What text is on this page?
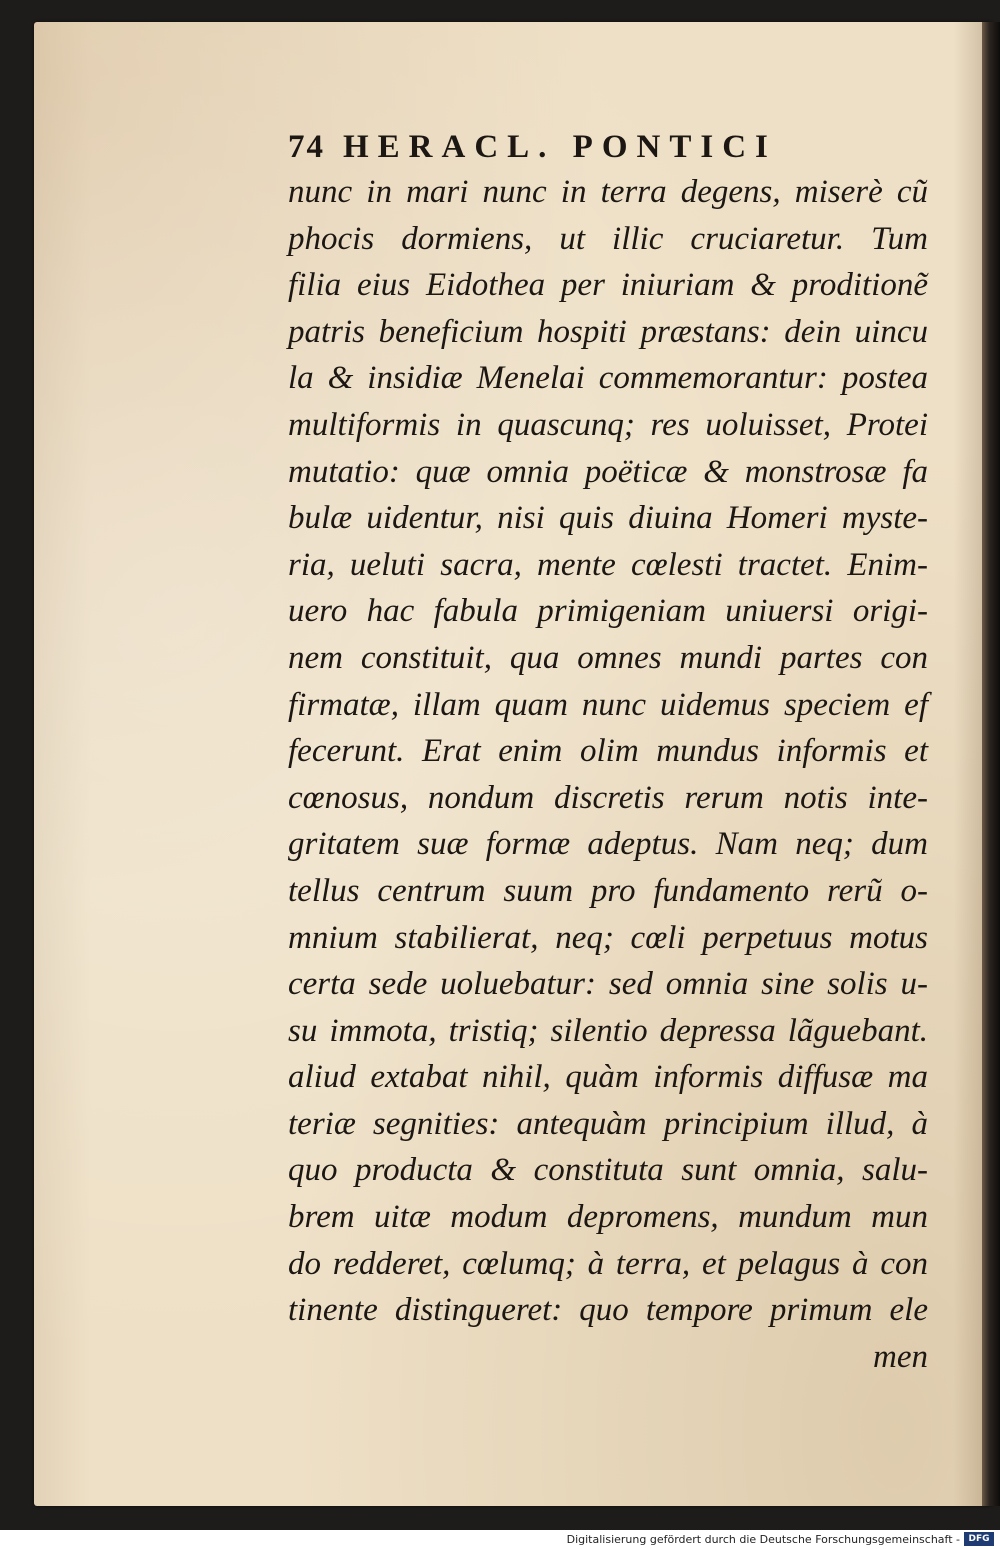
74 HERACL. PONTICI
nunc in mari nunc in terra degens, miserè cũ
phocis dormiens, ut illic cruciaretur. Tum
filia eius Eidothea per iniuriam & proditionẽ
patris beneficium hospiti præstans: dein uincu
la & insidiæ Menelai commemorantur: postea
multiformis in quascunq; res uoluisset, Protei
mutatio: quæ omnia poëticæ & monstrosæ fa
bulæ uidentur, nisi quis diuina Homeri myste-
ria, ueluti sacra, mente cœlesti tractet. Enim-
uero hac fabula primigeniam uniuersi origi-
nem constituit, qua omnes mundi partes con
firmatæ, illam quam nunc uidemus speciem ef
fecerunt. Erat enim olim mundus informis et
cœnosus, nondum discretis rerum notis inte-
gritatem suæ formæ adeptus. Nam neq; dum
tellus centrum suum pro fundamento rerũ o-
mnium stabilierat, neq; cœli perpetuus motus
certa sede uoluebatur: sed omnia sine solis u-
su immota, tristiq; silentio depressa lãguebant.
aliud extabat nihil, quàm informis diffusæ ma
teriæ segnities: antequàm principium illud, à
quo producta & constituta sunt omnia, salu-
brem uitæ modum depromens, mundum mun
do redderet, cœlumq; à terra, et pelagus à con
tinente distingueret: quo tempore primum ele
men
Digitalisierung gefördert durch die Deutsche Forschungsgemeinschaft - DFG
